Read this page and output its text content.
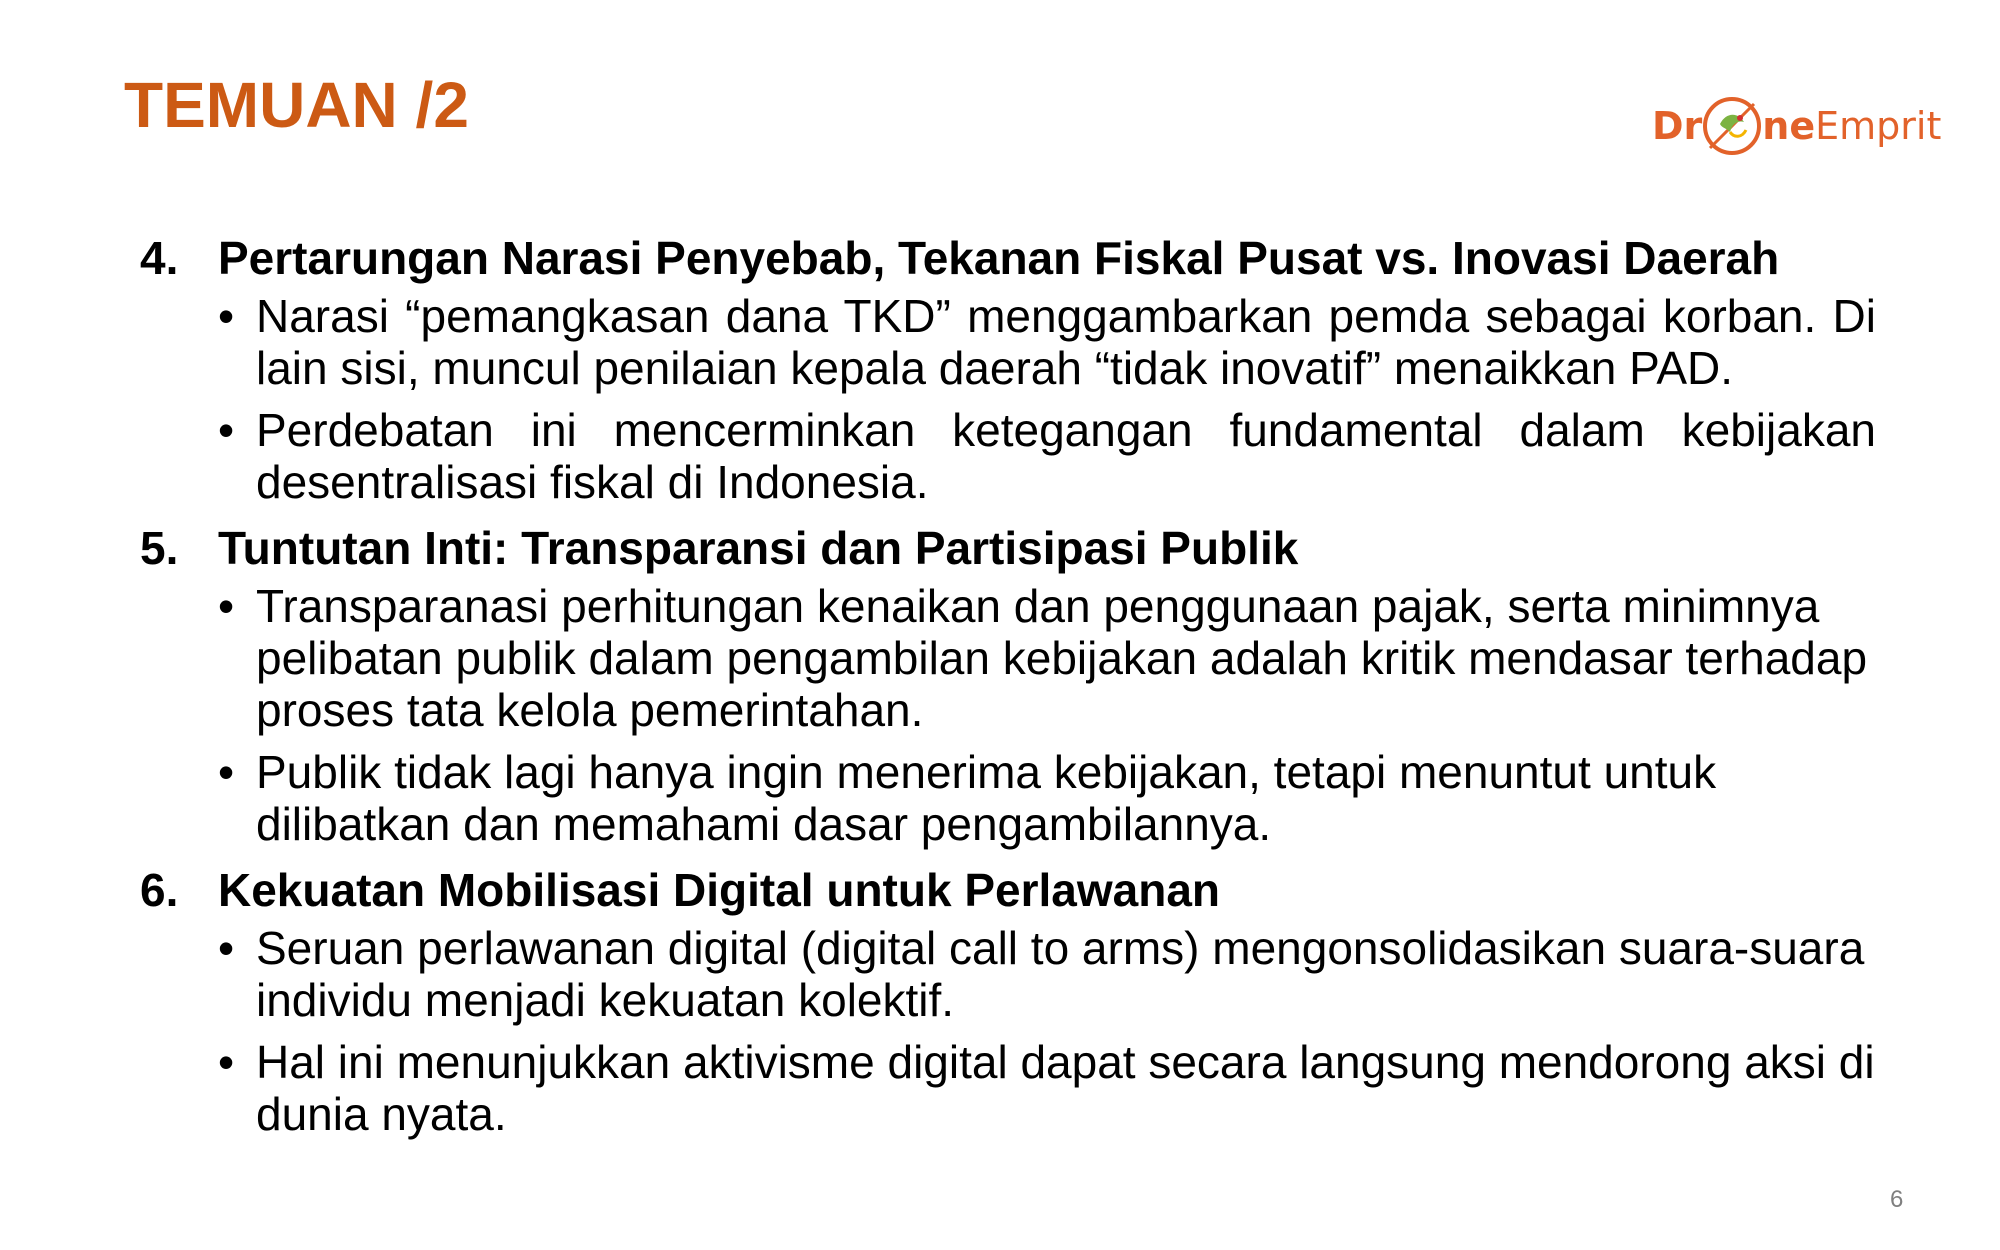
TEMUAN /2	Dr ne Emprit
4. Pertarungan Narasi Penyebab, Tekanan Fiskal Pusat vs. Inovasi Daerah
• Narasi “pemangkasan dana TKD” menggambarkan pemda sebagai korban. Di lain sisi, muncul penilaian kepala daerah “tidak inovatif” menaikkan PAD.
• Perdebatan ini mencerminkan ketegangan fundamental dalam kebijakan desentralisasi fiskal di Indonesia.
5. Tuntutan Inti: Transparansi dan Partisipasi Publik
• Transparanasi perhitungan kenaikan dan penggunaan pajak, serta minimnya pelibatan publik dalam pengambilan kebijakan adalah kritik mendasar terhadap proses tata kelola pemerintahan.
• Publik tidak lagi hanya ingin menerima kebijakan, tetapi menuntut untuk dilibatkan dan memahami dasar pengambilannya.
6. Kekuatan Mobilisasi Digital untuk Perlawanan
• Seruan perlawanan digital (digital call to arms) mengonsolidasikan suara-suara individu menjadi kekuatan kolektif.
• Hal ini menunjukkan aktivisme digital dapat secara langsung mendorong aksi di dunia nyata.
6
